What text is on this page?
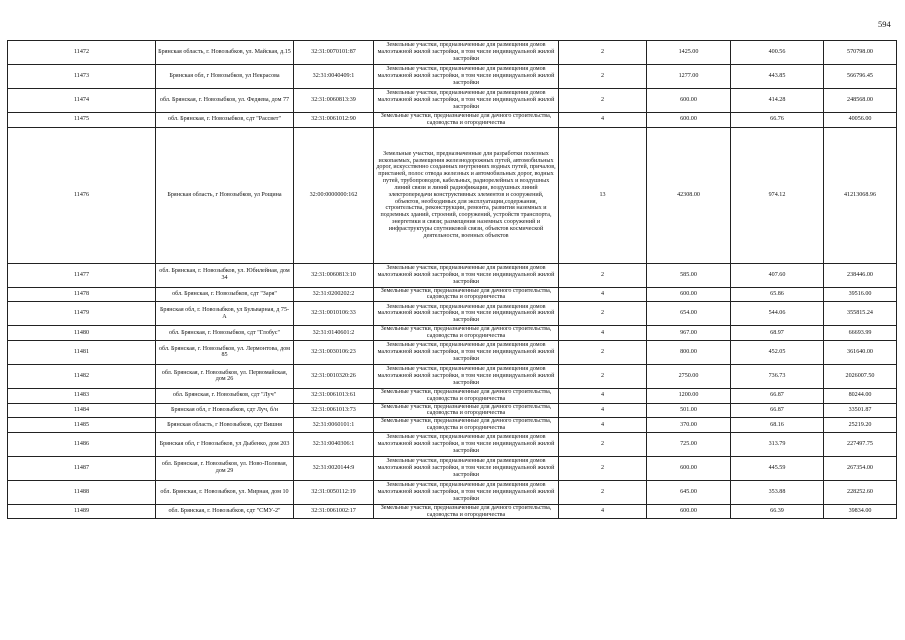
594
11472	Брянская область, г. Новозыбков, ул. Майская, д.15	32:31:0070101:87	Земельные участки, предназначенные для размещения домов малоэтажной жилой застройки, в том числе индивидуальной жилой застройки	2	1425.00	400.56	570798.00
11473	Брянская обл, г Новозыбков, ул Некрасова	32:31:0040409:1	Земельные участки, предназначенные для размещения домов малоэтажной жилой застройки, в том числе индивидуальной жилой застройки	2	1277.00	443.85	566796.45
11474	обл. Брянская, г. Новозыбков, ул. Федяева, дом 77	32:31:0060813:39	Земельные участки, предназначенные для размещения домов малоэтажной жилой застройки, в том числе индивидуальной жилой застройки	2	600.00	414.28	248568.00
11475	обл. Брянская, г. Новозыбков, сдт "Рассвет"	32:31:0061012:90	Земельные участки, предназначенные для дачного строительства, садоводства и огородничества	4	600.00	66.76	40056.00
11476	Брянская область, г Новозыбков, ул Рощина	32:00:0000000:162	Земельные участки, предназначенные для разработки полезных ископаемых, размещения железнодорожных путей, автомобильных дорог, искусственно созданных внутренних водных путей, причалов, пристаней, полос отвода железных и автомобильных дорог, водных путей, трубопроводов, кабельных, радиорелейных и воздушных линий связи и линий радиофикации, воздушных линий электропередачи конструктивных элементов и сооружений, объектов, необходимых для эксплуатации,содержания, строительства, реконструкции, ремонта, развития наземных и подземных зданий, строений, сооружений, устройств транспорта, энергетики и связи; размещения наземных сооружений и инфраструктуры спутниковой связи, объектов космической деятельности, военных объектов	13	42308.00	974.12	41213068.96
11477	обл. Брянская, г. Новозыбков, ул. Юбилейная, дом 34	32:31:0060813:10	Земельные участки, предназначенные для размещения домов малоэтажной жилой застройки, в том числе индивидуальной жилой застройки	2	585.00	407.60	238446.00
11478	обл. Брянская, г. Новозыбков, сдт "Заря"	32:31:0200202:2	Земельные участки, предназначенные для дачного строительства, садоводства и огородничества	4	600.00	65.86	39516.00
11479	Брянская обл, г. Новозыбков, ул Бульварная, д 75-А	32:31:0010106:33	Земельные участки, предназначенные для размещения домов малоэтажной жилой застройки, в том числе индивидуальной жилой застройки	2	654.00	544.06	355815.24
11480	обл. Брянская, г. Новозыбков, сдт "Глобус"	32:31:0140601:2	Земельные участки, предназначенные для дачного строительства, садоводства и огородничества	4	967.00	68.97	66693.99
11481	обл. Брянская, г. Новозыбков, ул. Лермонтова, дом 85	32:31:0030106:23	Земельные участки, предназначенные для размещения домов малоэтажной жилой застройки, в том числе индивидуальной жилой застройки	2	800.00	452.05	361640.00
11482	обл. Брянская, г. Новозыбков, ул. Первомайская, дом 26	32:31:0010320:26	Земельные участки, предназначенные для размещения домов малоэтажной жилой застройки, в том числе индивидуальной жилой застройки	2	2750.00	736.73	2026007.50
11483	обл. Брянская, г. Новозыбков, сдт "Луч"	32:31:0061013:61	Земельные участки, предназначенные для дачного строительства, садоводства и огородничества	4	1200.00	66.87	80244.00
11484	Брянская обл, г Новозыбков, сдт Луч, б/н	32:31:0061013:73	Земельные участки, предназначенные для дачного строительства, садоводства и огородничества	4	501.00	66.87	33501.87
11485	Брянская область, г Новозыбков, сдт Вишня	32:31:0060101:1	Земельные участки, предназначенные для дачного строительства, садоводства и огородничества	4	370.00	68.16	25219.20
11486	Брянская обл, г Новозыбков, ул Дыбенко, дом 203	32:31:0040306:1	Земельные участки, предназначенные для размещения домов малоэтажной жилой застройки, в том числе индивидуальной жилой застройки	2	725.00	313.79	227497.75
11487	обл. Брянская, г. Новозыбков, ул. Ново-Полевая, дом 29	32:31:0020144:9	Земельные участки, предназначенные для размещения домов малоэтажной жилой застройки, в том числе индивидуальной жилой застройки	2	600.00	445.59	267354.00
11488	обл. Брянская, г. Новозыбков, ул. Мирная, дом 10	32:31:0050112:19	Земельные участки, предназначенные для размещения домов малоэтажной жилой застройки, в том числе индивидуальной жилой застройки	2	645.00	353.88	228252.60
11489	обл. Брянская, г. Новозыбков, сдт "СМУ-2"	32:31:0061002:17	Земельные участки, предназначенные для дачного строительства, садоводства и огородничества	4	600.00	66.39	39834.00
